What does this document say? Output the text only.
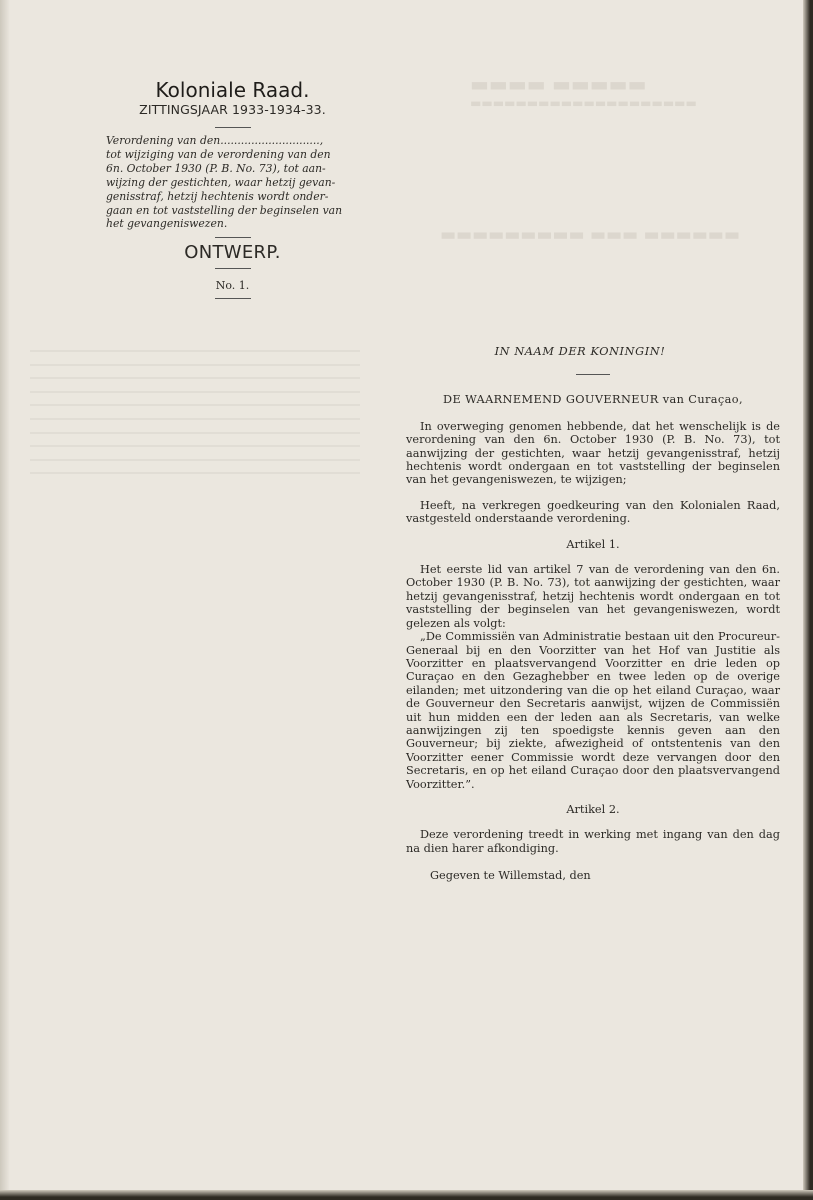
▬▬▬▬▬ ▬▬▬▬
▬▬▬▬▬▬▬▬▬▬▬▬▬▬▬▬▬▬▬▬
▬▬▬▬▬▬ ▬▬▬ ▬▬▬▬▬▬▬▬▬

Koloniale Raad.

ZITTINGSJAAR 1933-1934-33.

Verordening van den.............................,
tot wijziging van de verordening van den
6n. October 1930 (P. B. No. 73), tot aan-
wijzing der gestichten, waar hetzij gevan-
genisstraf, hetzij hechtenis wordt onder-
gaan en tot vaststelling der beginselen van
het gevangeniswezen.

ONTWERP.

No. 1.

IN NAAM DER KONINGIN!

DE WAARNEMEND GOUVERNEUR van Curaçao,

In overweging genomen hebbende, dat het wenschelijk is de verordening van den 6n. October 1930 (P. B. No. 73), tot aanwijzing der gestichten, waar hetzij gevangenisstraf, hetzij hechtenis wordt ondergaan en tot vaststelling der beginselen van het gevangeniswezen, te wijzigen;

Heeft, na verkregen goedkeuring van den Kolonialen Raad, vastgesteld onderstaande verordening.

Artikel 1.

Het eerste lid van artikel 7 van de verordening van den 6n. October 1930 (P. B. No. 73), tot aanwijzing der gestichten, waar hetzij gevangenisstraf, hetzij hechtenis wordt ondergaan en tot vaststelling der beginselen van het gevangeniswezen, wordt gelezen als volgt:

„De Commissiën van Administratie bestaan uit den Procureur-Generaal bij en den Voorzitter van het Hof van Justitie als Voorzitter en plaatsvervangend Voorzitter en drie leden op Curaçao en den Gezaghebber en twee leden op de overige eilanden; met uitzondering van die op het eiland Curaçao, waar de Gouverneur den Secretaris aanwijst, wijzen de Commissiën uit hun midden een der leden aan als Secretaris, van welke aanwijzingen zij ten spoedigste kennis geven aan den Gouverneur; bij ziekte, afwezigheid of ontstentenis van den Voorzitter eener Commissie wordt deze vervangen door den Secretaris, en op het eiland Curaçao door den plaatsvervangend Voorzitter.”.

Artikel 2.

Deze verordening treedt in werking met ingang van den dag na dien harer afkondiging.

Gegeven te Willemstad, den
